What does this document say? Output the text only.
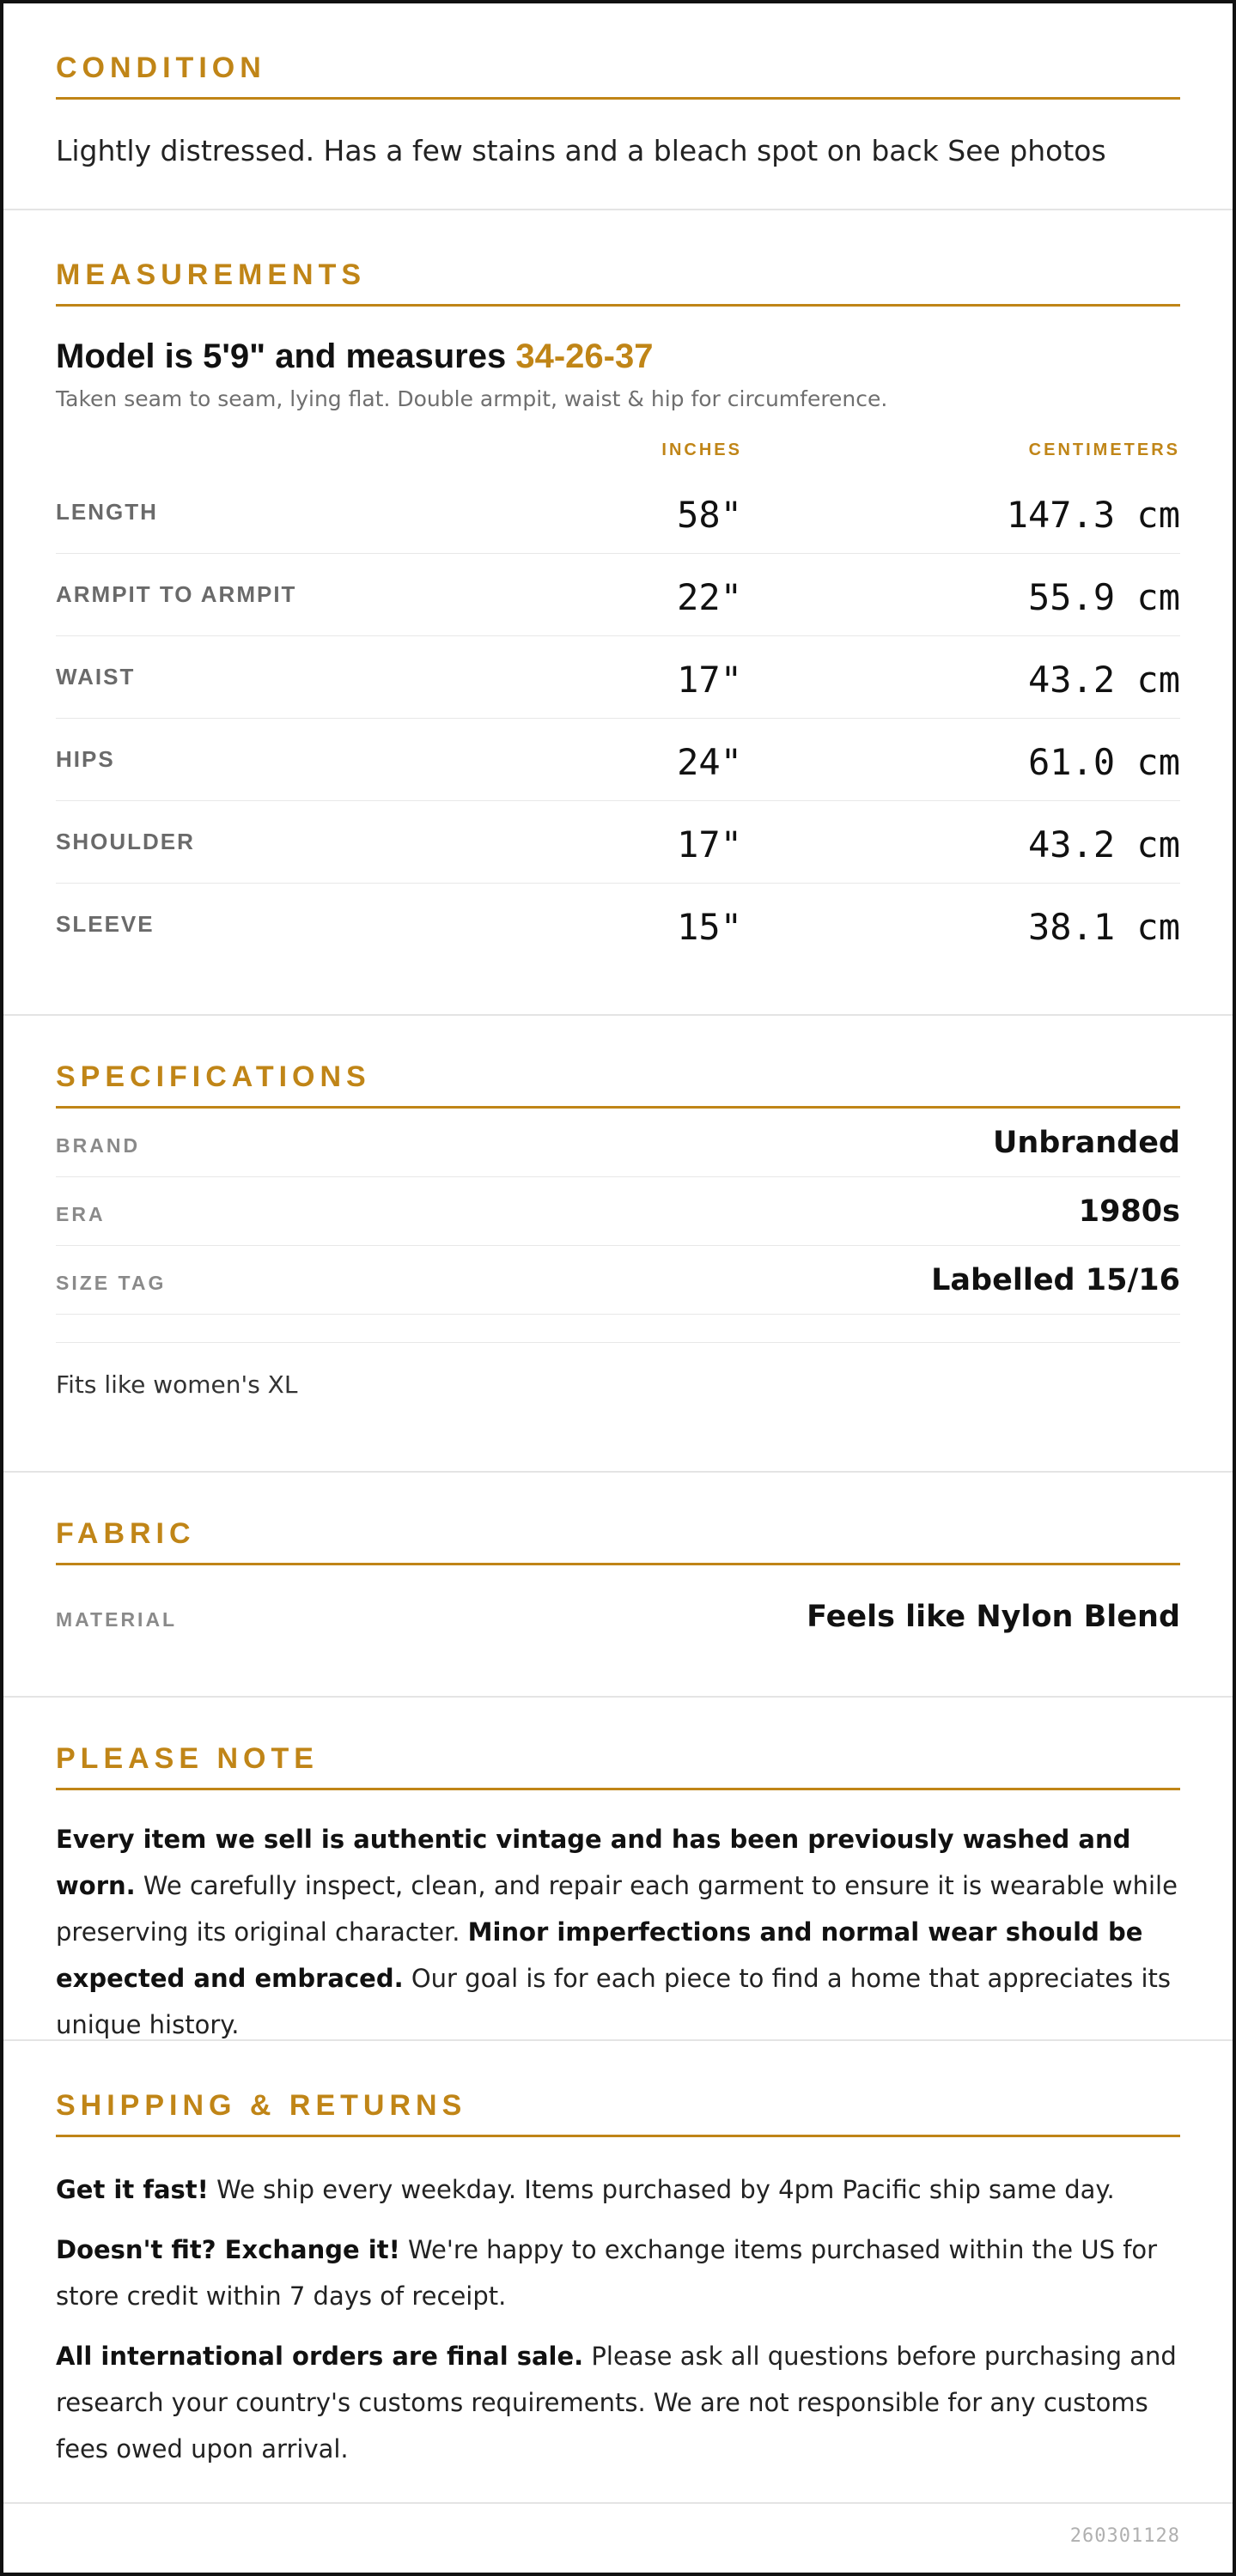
CONDITION
Lightly distressed. Has a few stains and a bleach spot on back See photos
MEASUREMENTS
Model is 5'9" and measures 34-26-37
Taken seam to seam, lying flat. Double armpit, waist & hip for circumference.
INCHES	CENTIMETERS
LENGTH	58"	147.3 cm
ARMPIT TO ARMPIT	22"	55.9 cm
WAIST	17"	43.2 cm
HIPS	24"	61.0 cm
SHOULDER	17"	43.2 cm
SLEEVE	15"	38.1 cm
SPECIFICATIONS
BRAND	Unbranded
ERA	1980s
SIZE TAG	Labelled 15/16
Fits like women's XL
FABRIC
MATERIAL	Feels like Nylon Blend
PLEASE NOTE

Every item we sell is authentic vintage and has been previously washed and worn. We carefully inspect, clean, and repair each garment to ensure it is wearable while preserving its original character. Minor imperfections and normal wear should be expected and embraced. Our goal is for each piece to find a home that appreciates its unique history.

SHIPPING & RETURNS

Get it fast! We ship every weekday. Items purchased by 4pm Pacific ship same day.

Doesn't fit? Exchange it! We're happy to exchange items purchased within the US for store credit within 7 days of receipt.

All international orders are final sale. Please ask all questions before purchasing and research your country's customs requirements. We are not responsible for any customs fees owed upon arrival.

260301128
